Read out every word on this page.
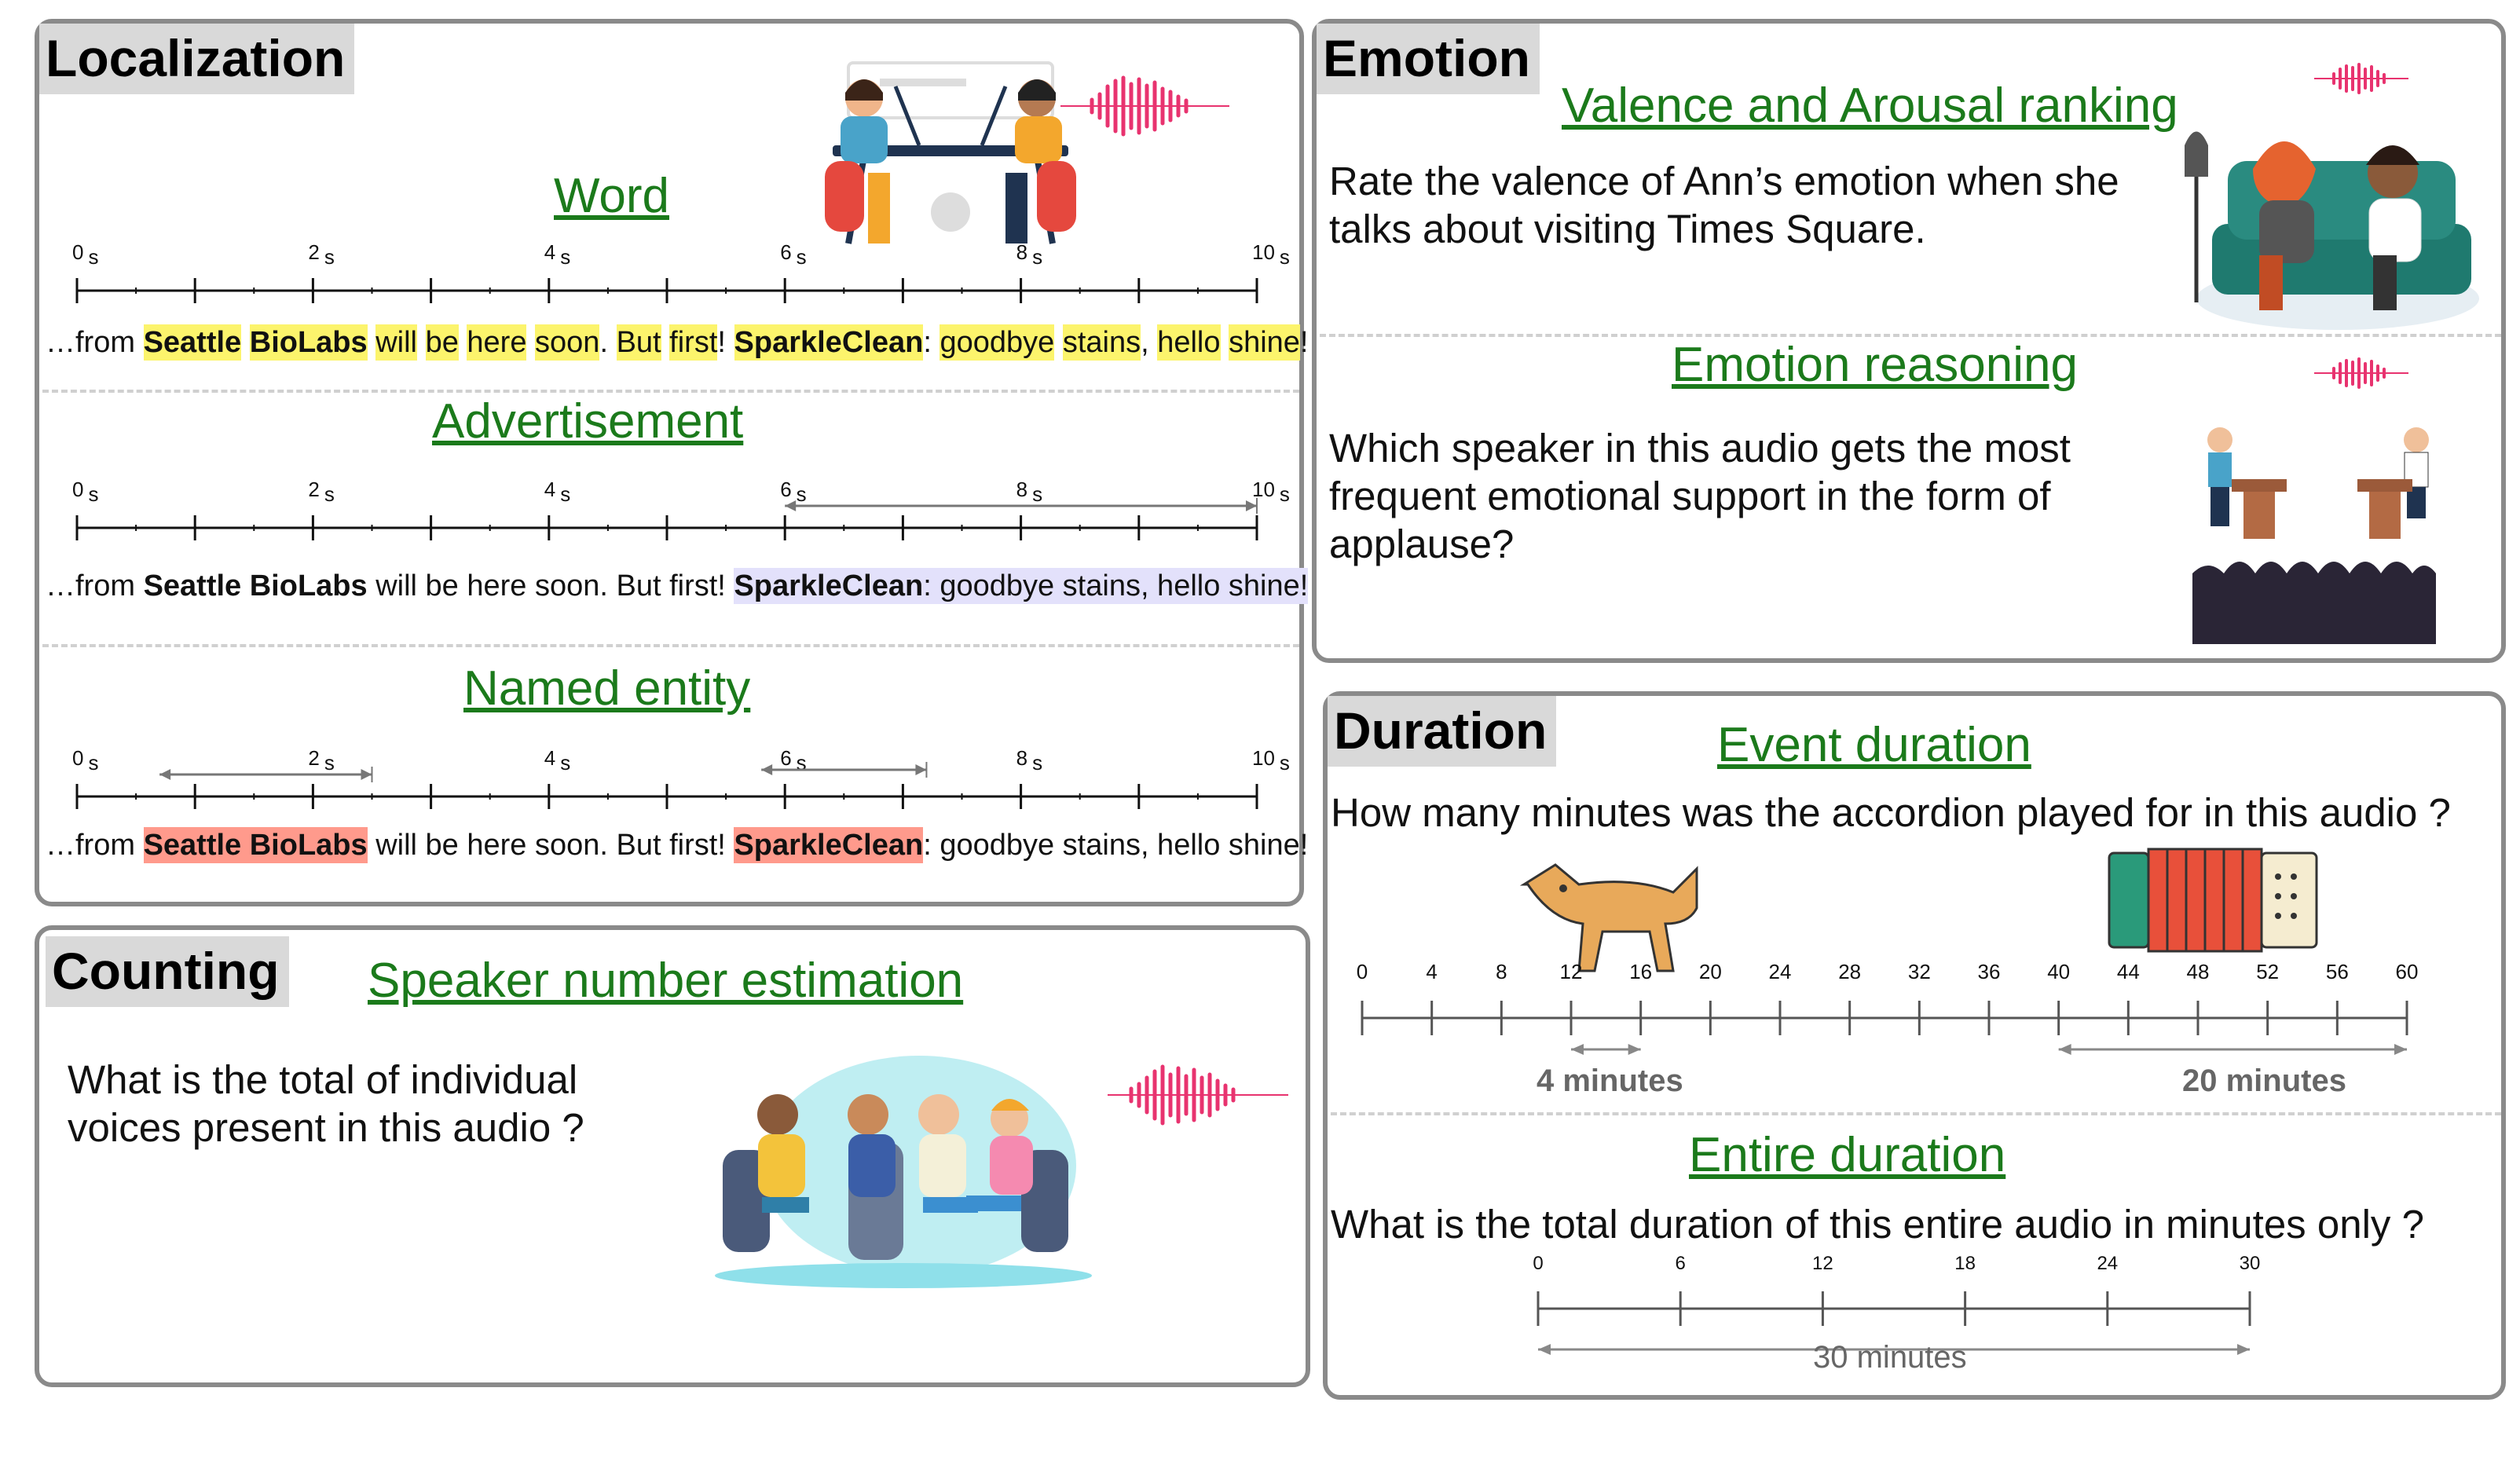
Localization
Word
0 s	2 s	4 s	6 s	8 s	10 s
…from Seattle BioLabs will be here soon. But first! SparkleClean: goodbye stains, hello shine!
Advertisement
0 s	2 s	4 s	6 s	8 s	10 s
…from Seattle BioLabs will be here soon. But first! SparkleClean: goodbye stains, hello shine!
Named entity
0 s	2 s	4 s	6 s	8 s	10 s
…from Seattle BioLabs will be here soon. But first! SparkleClean: goodbye stains, hello shine!
Counting Speaker number estimation
What is the total of individual voices present in this audio ?
Emotion
Valence and Arousal ranking
Rate the valence of Ann’s emotion when she talks about visiting Times Square.
Emotion reasoning
Which speaker in this audio gets the most frequent emotional support in the form of applause?
Duration	Event duration
How many minutes was the accordion played for in this audio ?
0	4	8	12 16 20 24 28 32 36 40 44 48 52 56 60
4 minutes	20 minutes
Entire duration
What is the total duration of this entire audio in minutes only ?
0	6	12	18	24	30
30 minutes
